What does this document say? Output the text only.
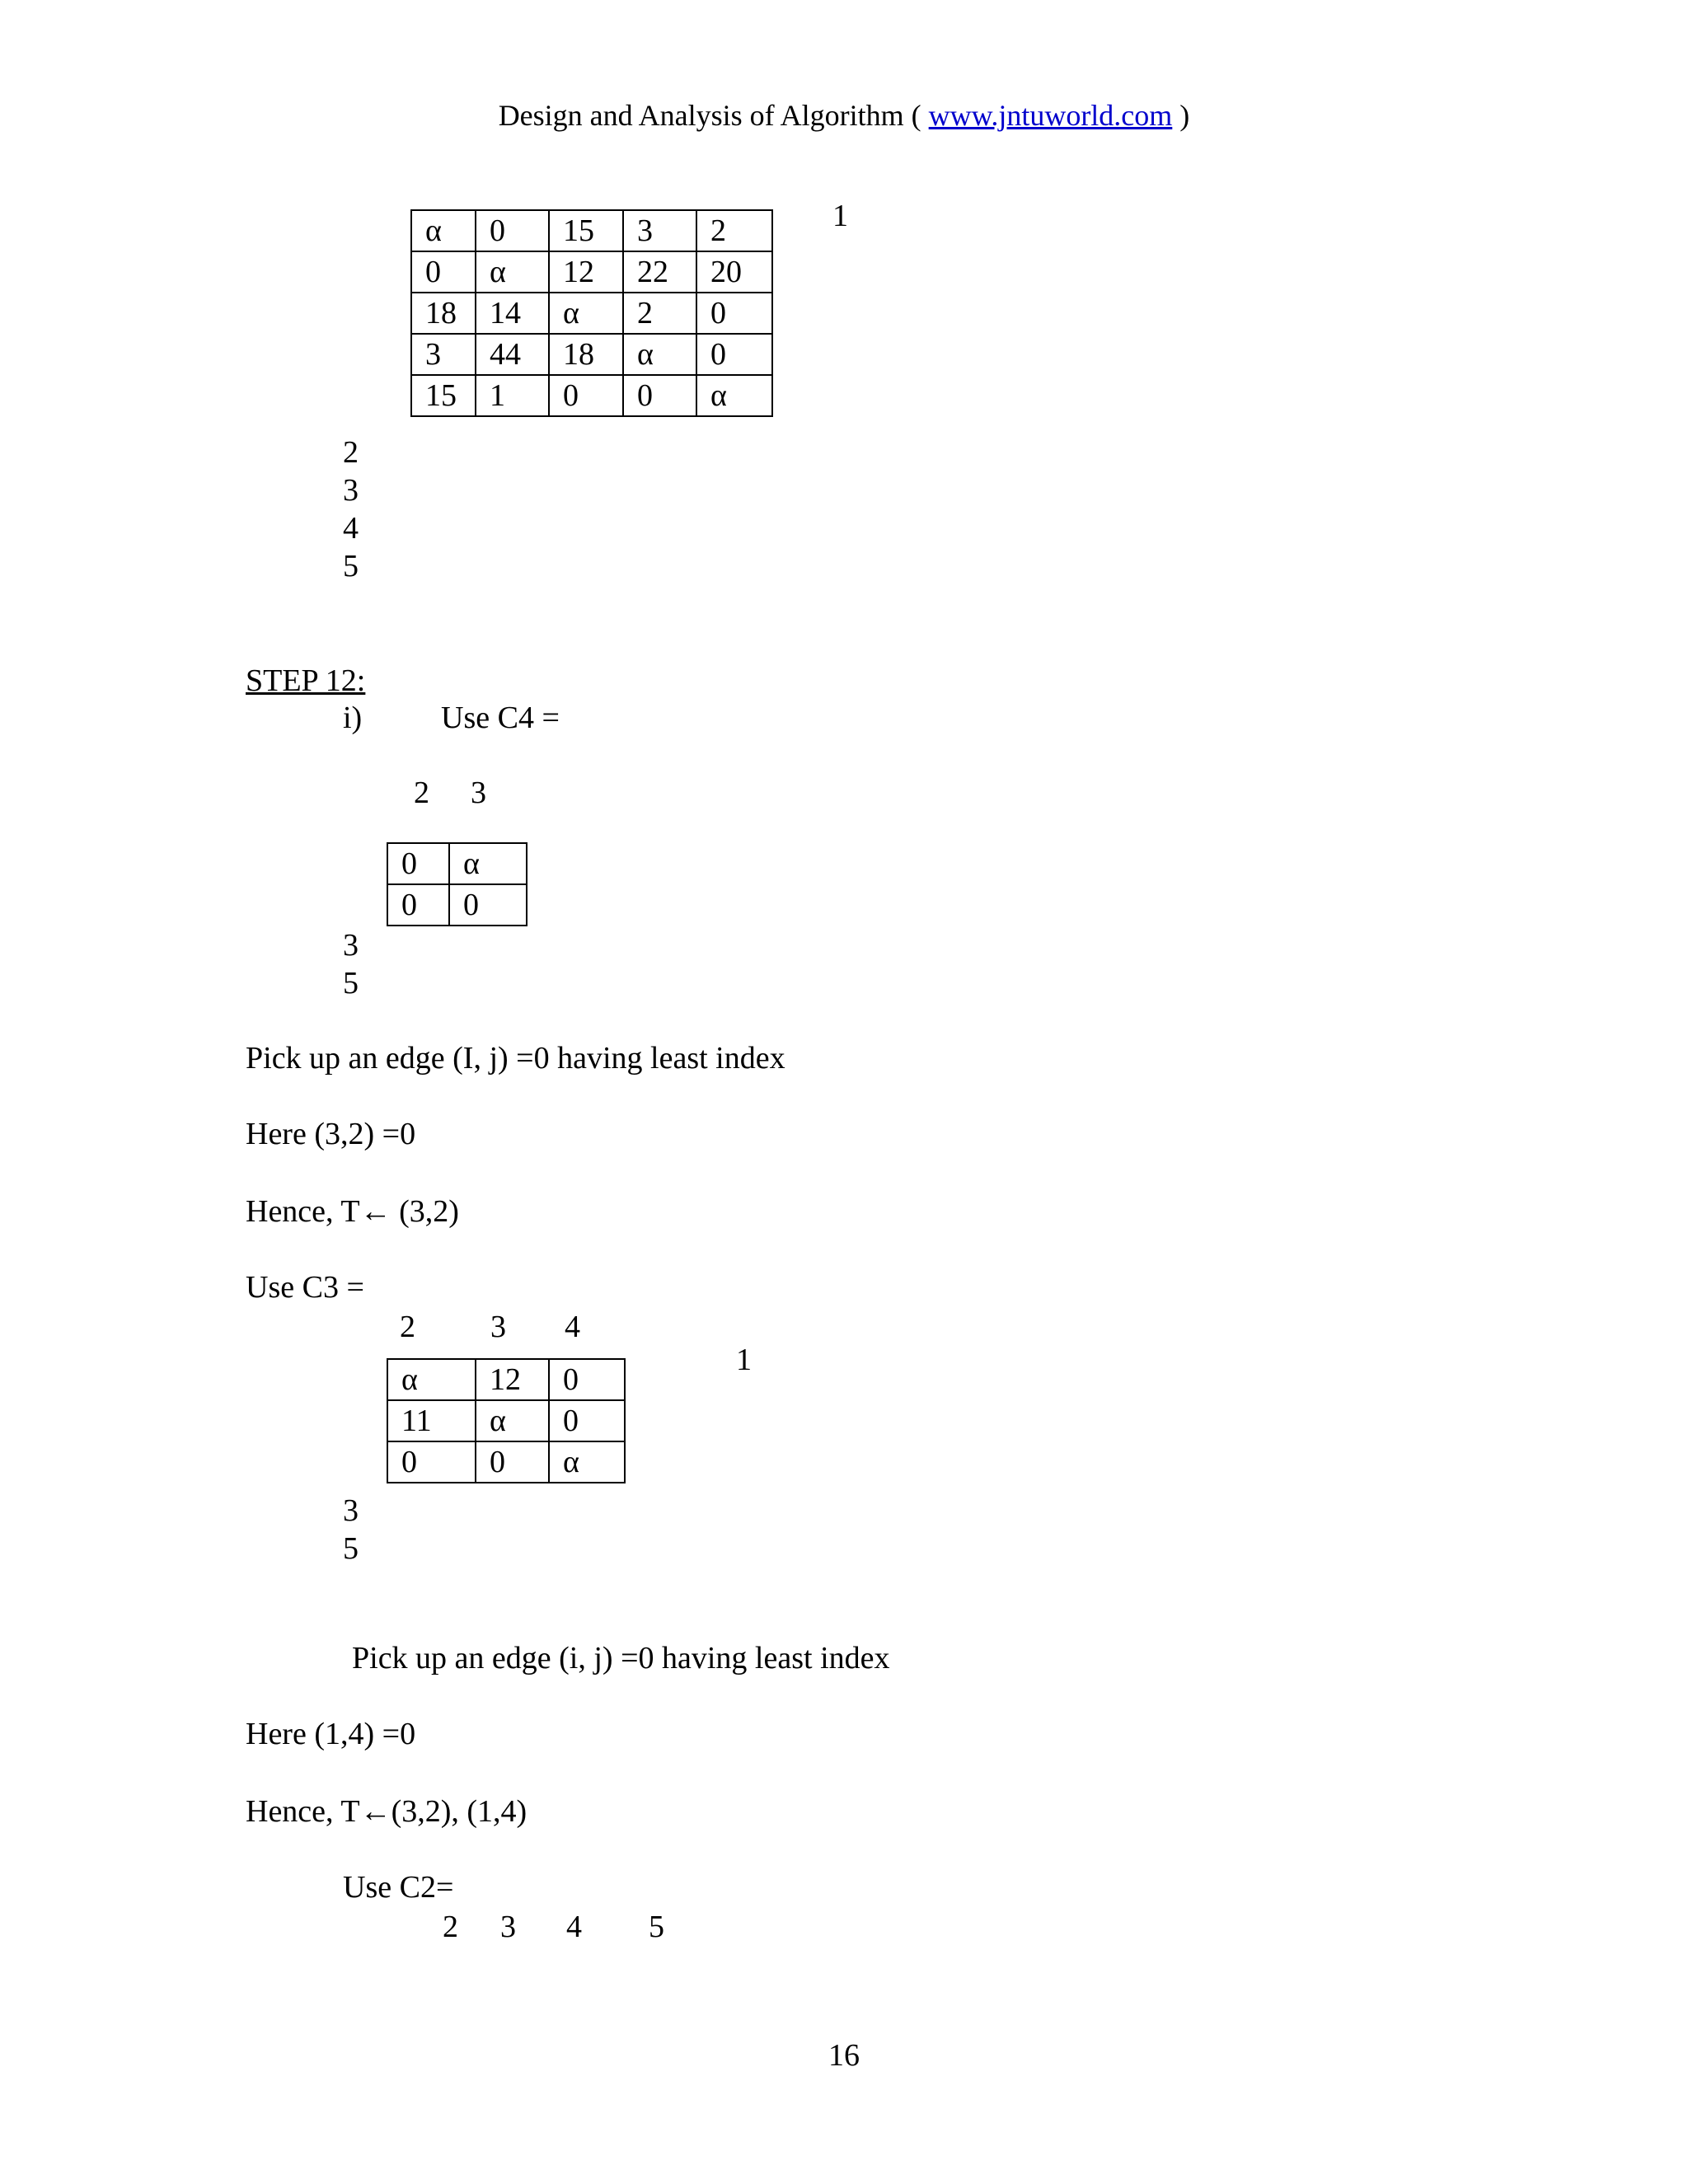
Design and Analysis of Algorithm ( www.jntuworld.com )
α	0	15	3	2
0	α	12	22	20
18	14	α	2	0
3	44	18	α	0
15	1	0	0	α
1
2
3
4
5
STEP 12:
i)	Use C4 =
2 3
0	α
0	0
3
5
Pick up an edge (I, j) =0 having least index
Here (3,2) =0
Hence, T← (3,2)
Use C3 =
2 3 4
α	12	0
11	α	0
0	0	α
1
3
5
Pick up an edge (i, j) =0 having least index
Here (1,4) =0
Hence, T←(3,2), (1,4)
Use C2=
2 3 4 5
16
